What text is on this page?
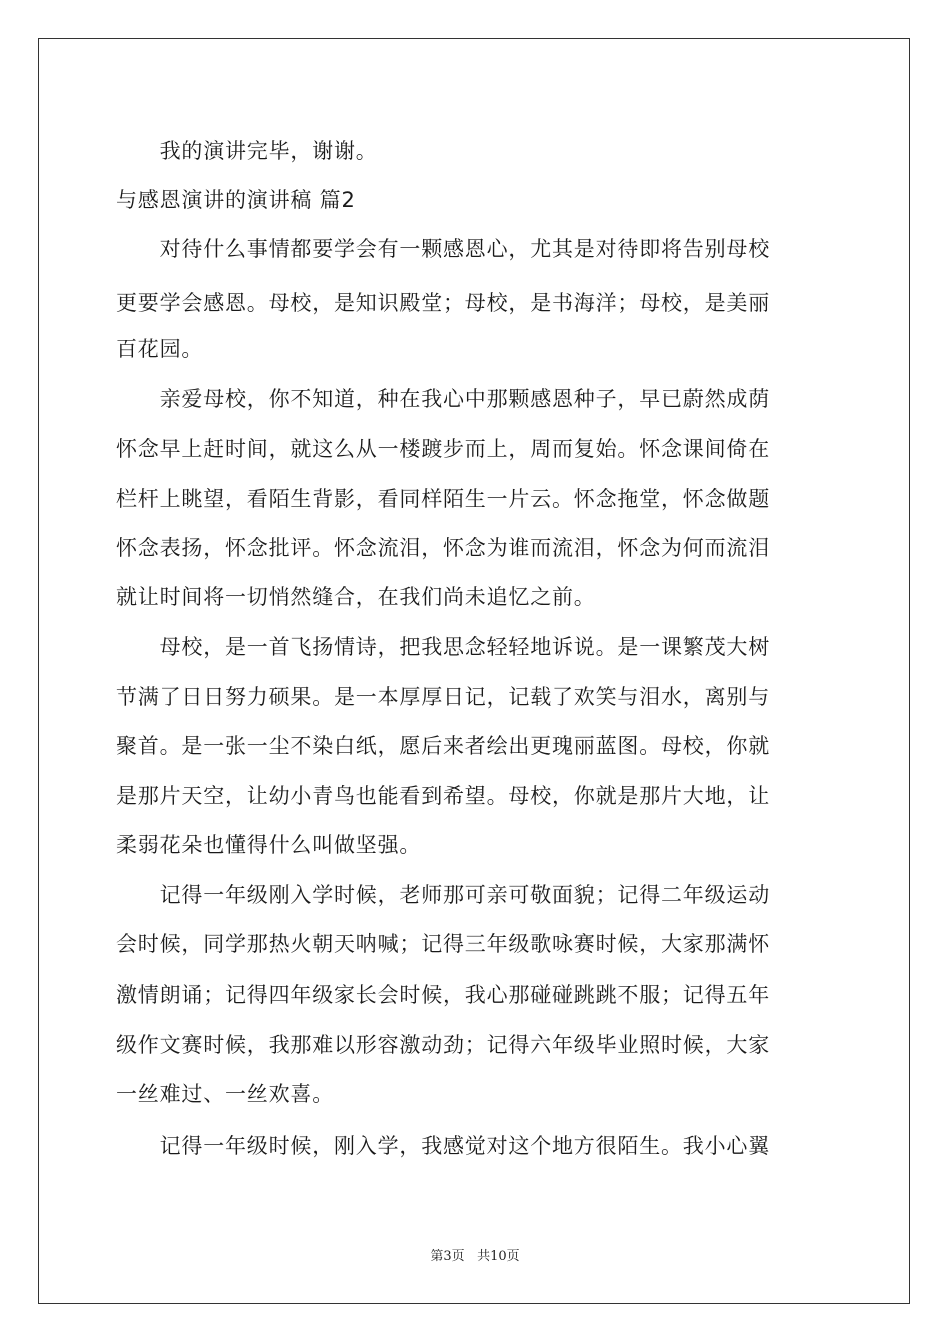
　　我的演讲完毕，谢谢。
与感恩演讲的演讲稿 篇2
　　对待什么事情都要学会有一颗感恩心，尤其是对待即将告别母校
更要学会感恩。母校，是知识殿堂；母校，是书海洋；母校，是美丽
百花园。
　　亲爱母校，你不知道，种在我心中那颗感恩种子，早已蔚然成荫
怀念早上赶时间，就这么从一楼踱步而上，周而复始。怀念课间倚在
栏杆上眺望，看陌生背影，看同样陌生一片云。怀念拖堂，怀念做题
怀念表扬，怀念批评。怀念流泪，怀念为谁而流泪，怀念为何而流泪
就让时间将一切悄然缝合，在我们尚未追忆之前。
　　母校，是一首飞扬情诗，把我思念轻轻地诉说。是一课繁茂大树
节满了日日努力硕果。是一本厚厚日记，记载了欢笑与泪水，离别与
聚首。是一张一尘不染白纸，愿后来者绘出更瑰丽蓝图。母校，你就
是那片天空，让幼小青鸟也能看到希望。母校，你就是那片大地，让
柔弱花朵也懂得什么叫做坚强。
　　记得一年级刚入学时候，老师那可亲可敬面貌；记得二年级运动
会时候，同学那热火朝天呐喊；记得三年级歌咏赛时候，大家那满怀
激情朗诵；记得四年级家长会时候，我心那碰碰跳跳不服；记得五年
级作文赛时候，我那难以形容激动劲；记得六年级毕业照时候，大家
一丝难过、一丝欢喜。
　　记得一年级时候，刚入学，我感觉对这个地方很陌生。我小心翼
第3页 共10页
